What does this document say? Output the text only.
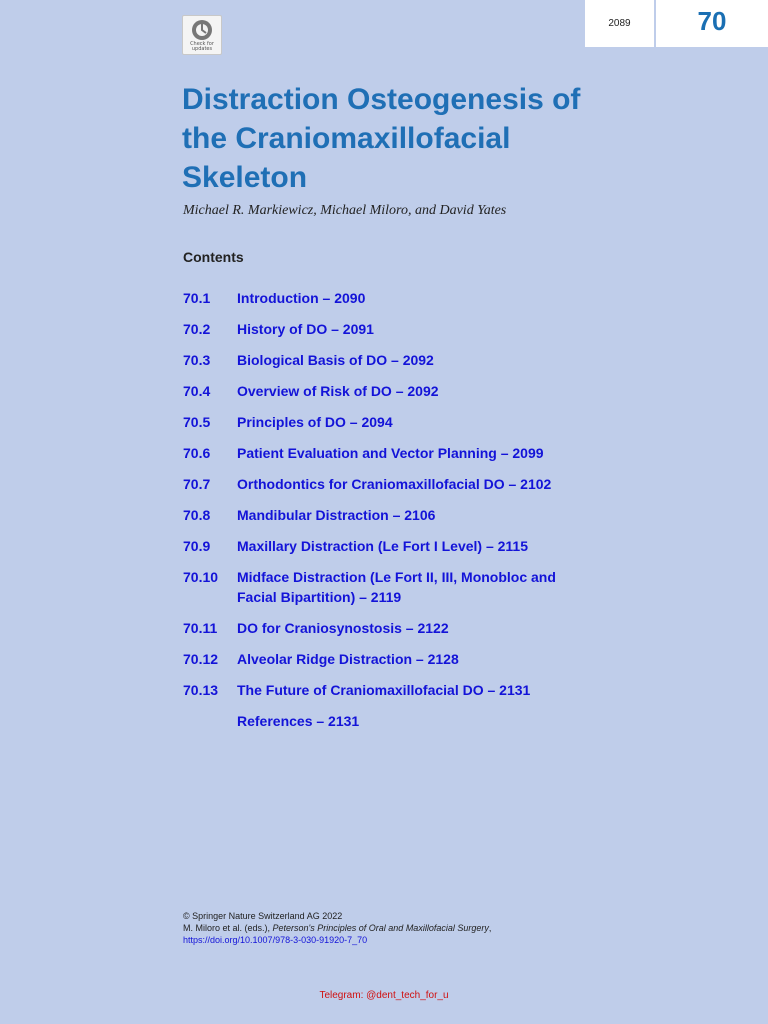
Check for updates
2089	70
Distraction Osteogenesis of the Craniomaxillofacial Skeleton
Michael R. Markiewicz, Michael Miloro, and David Yates
Contents
70.1	Introduction – 2090
70.2	History of DO – 2091
70.3	Biological Basis of DO – 2092
70.4	Overview of Risk of DO – 2092
70.5	Principles of DO – 2094
70.6	Patient Evaluation and Vector Planning – 2099
70.7	Orthodontics for Craniomaxillofacial DO – 2102
70.8	Mandibular Distraction – 2106
70.9	Maxillary Distraction (Le Fort I Level) – 2115
70.10	Midface Distraction (Le Fort II, III, Monobloc and Facial Bipartition) – 2119
70.11	DO for Craniosynostosis – 2122
70.12	Alveolar Ridge Distraction – 2128
70.13	The Future of Craniomaxillofacial DO – 2131
References – 2131
© Springer Nature Switzerland AG 2022
M. Miloro et al. (eds.), Peterson's Principles of Oral and Maxillofacial Surgery,
https://doi.org/10.1007/978-3-030-91920-7_70
Telegram: @dent_tech_for_u
